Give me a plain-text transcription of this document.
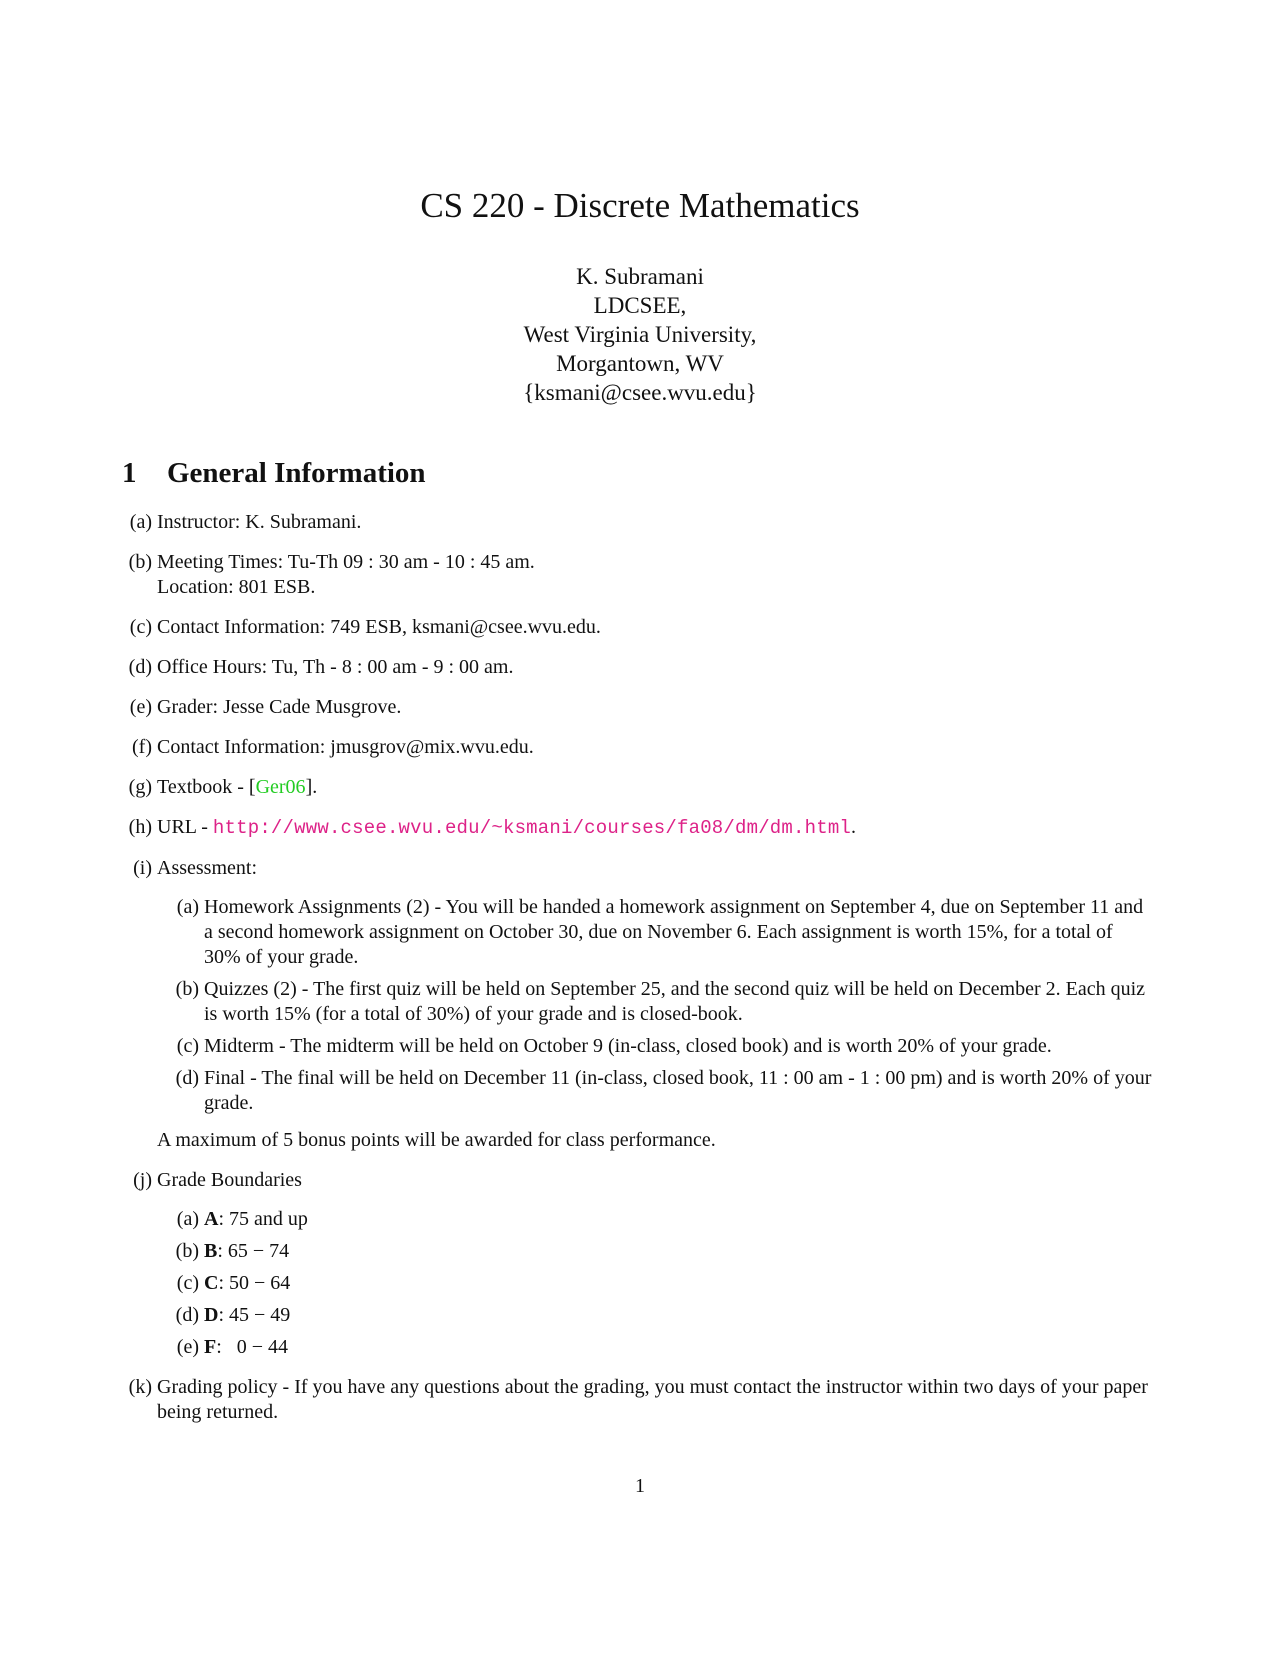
CS 220 - Discrete Mathematics
K. Subramani
LDCSEE,
West Virginia University,
Morgantown, WV
{ksmani@csee.wvu.edu}
1 General Information
(a) Instructor: K. Subramani.
(b) Meeting Times: Tu-Th 09 : 30 am - 10 : 45 am.
Location: 801 ESB.
(c) Contact Information: 749 ESB, ksmani@csee.wvu.edu.
(d) Office Hours: Tu, Th - 8 : 00 am - 9 : 00 am.
(e) Grader: Jesse Cade Musgrove.
(f) Contact Information: jmusgrov@mix.wvu.edu.
(g) Textbook - [Ger06].
(h) URL - http://www.csee.wvu.edu/~ksmani/courses/fa08/dm/dm.html.
(i) Assessment:
(a) Homework Assignments (2) - You will be handed a homework assignment on September 4, due on September 11 and a second homework assignment on October 30, due on November 6. Each assignment is worth 15%, for a total of 30% of your grade.
(b) Quizzes (2) - The first quiz will be held on September 25, and the second quiz will be held on December 2. Each quiz is worth 15% (for a total of 30%) of your grade and is closed-book.
(c) Midterm - The midterm will be held on October 9 (in-class, closed book) and is worth 20% of your grade.
(d) Final - The final will be held on December 11 (in-class, closed book, 11 : 00 am - 1 : 00 pm) and is worth 20% of your grade.
A maximum of 5 bonus points will be awarded for class performance.
(j) Grade Boundaries
(a) A: 75 and up
(b) B: 65 − 74
(c) C: 50 − 64
(d) D: 45 − 49
(e) F:   0 − 44
(k) Grading policy - If you have any questions about the grading, you must contact the instructor within two days of your paper being returned.
1
